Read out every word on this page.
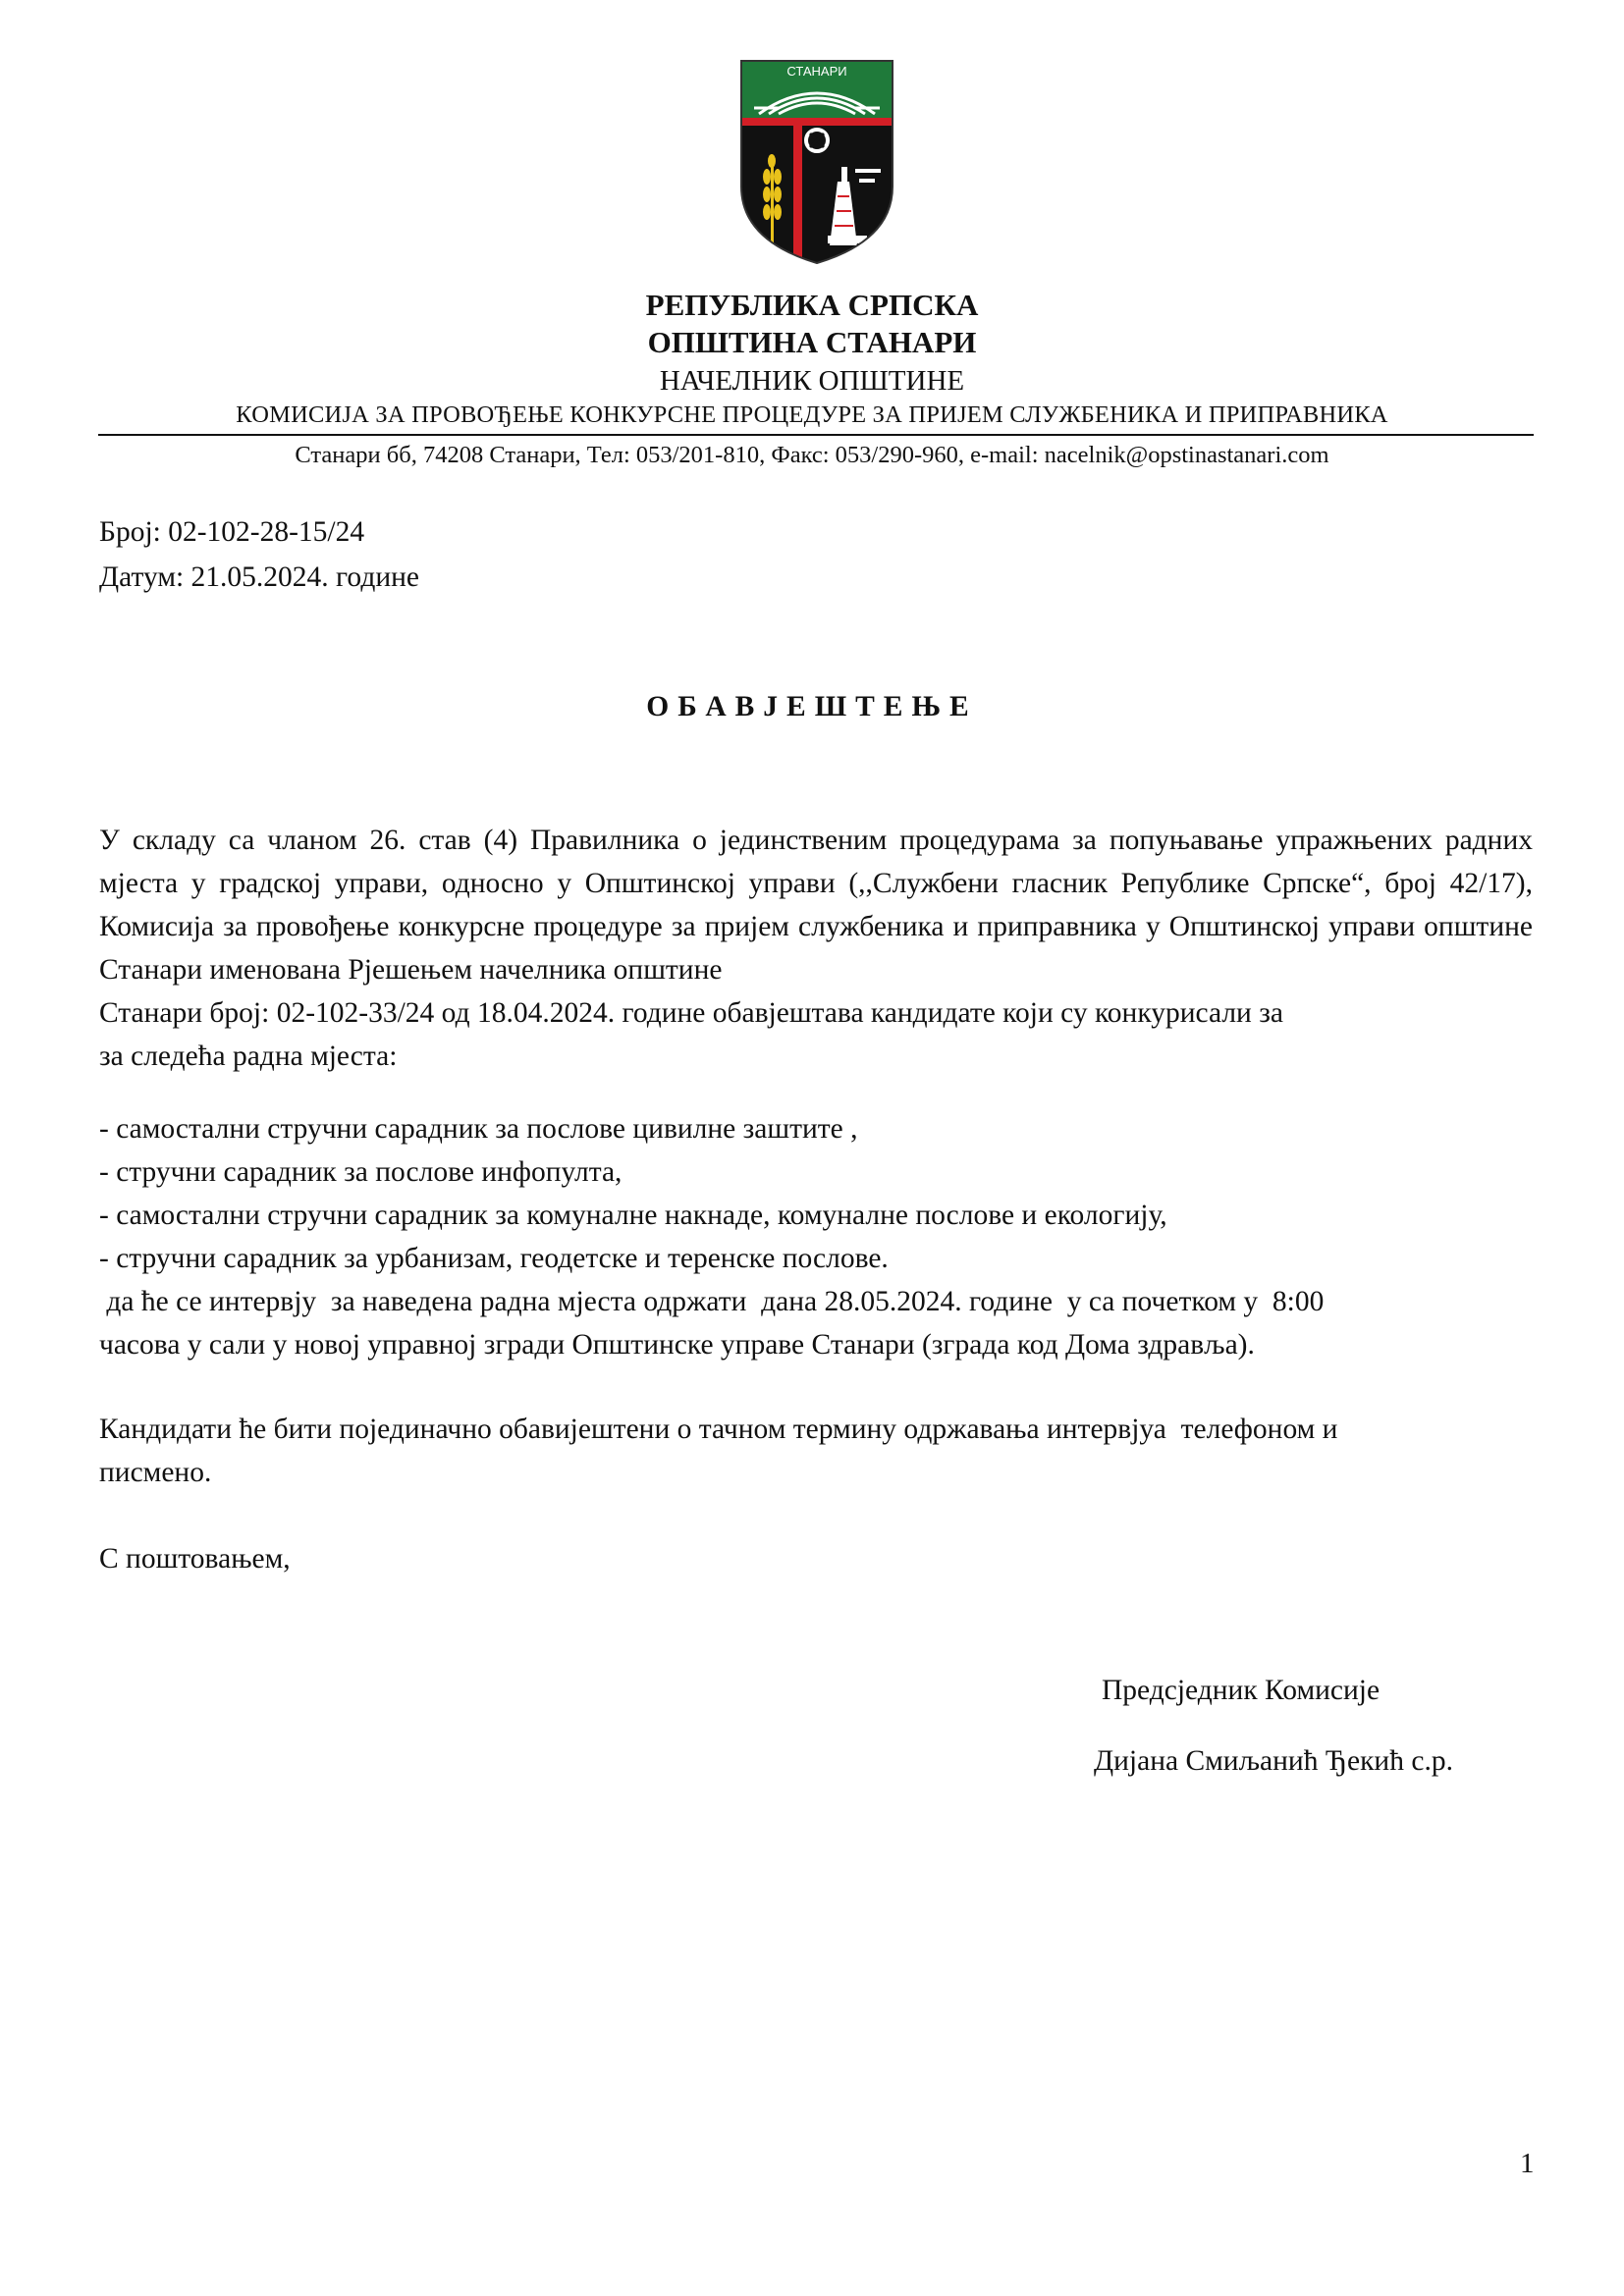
СТАНАРИ
РЕПУБЛИКА СРПСКА
ОПШТИНА СТАНАРИ
НАЧЕЛНИК ОПШТИНЕ
КОМИСИЈА ЗА ПРОВОЂЕЊЕ КОНКУРСНЕ ПРОЦЕДУРЕ ЗА ПРИЈЕМ СЛУЖБЕНИКА И ПРИПРАВНИКА
Станари бб, 74208 Станари, Тел: 053/201-810, Факс: 053/290-960, e-mail: nacelnik@opstinastanari.com
Број: 02-102-28-15/24
Датум: 21.05.2024. године
ОБАВЈЕШТЕЊЕ
У складу са чланом 26. став (4) Правилника о јединственим процедурама за попуњавање упражњених радних мјеста у градској управи, односно у Општинској управи (,,Службени гласник Републике Српске“, број 42/17), Комисија за провођење конкурсне процедуре за пријем службеника и приправника у Општинској управи општине Станари именована Рјешењем начелника општине
Станари број: 02-102-33/24 од 18.04.2024. године обавјештава кандидате који су конкурисали за
за следећа радна мјеста:
- самостални стручни сарадник за послове цивилне заштите ,
- стручни сарадник за послове инфопулта,
- самостални стручни сарадник за комуналне накнаде, комуналне послове и екологију,
- стручни сарадник за урбанизам, геодетске и теренске послове.
да ће се интервју  за наведена радна мјеста одржати  дана 28.05.2024. године  у са почетком у  8:00
часова у сали у новој управној згради Општинске управе Станари (зграда код Дома здравља).
Кандидати ће бити појединачно обавијештени о тачном термину одржавања интервјуа  телефоном и
писмено.
С поштовањем,
Предсједник Комисије
Дијана Смиљанић Ђекић с.р.
1
